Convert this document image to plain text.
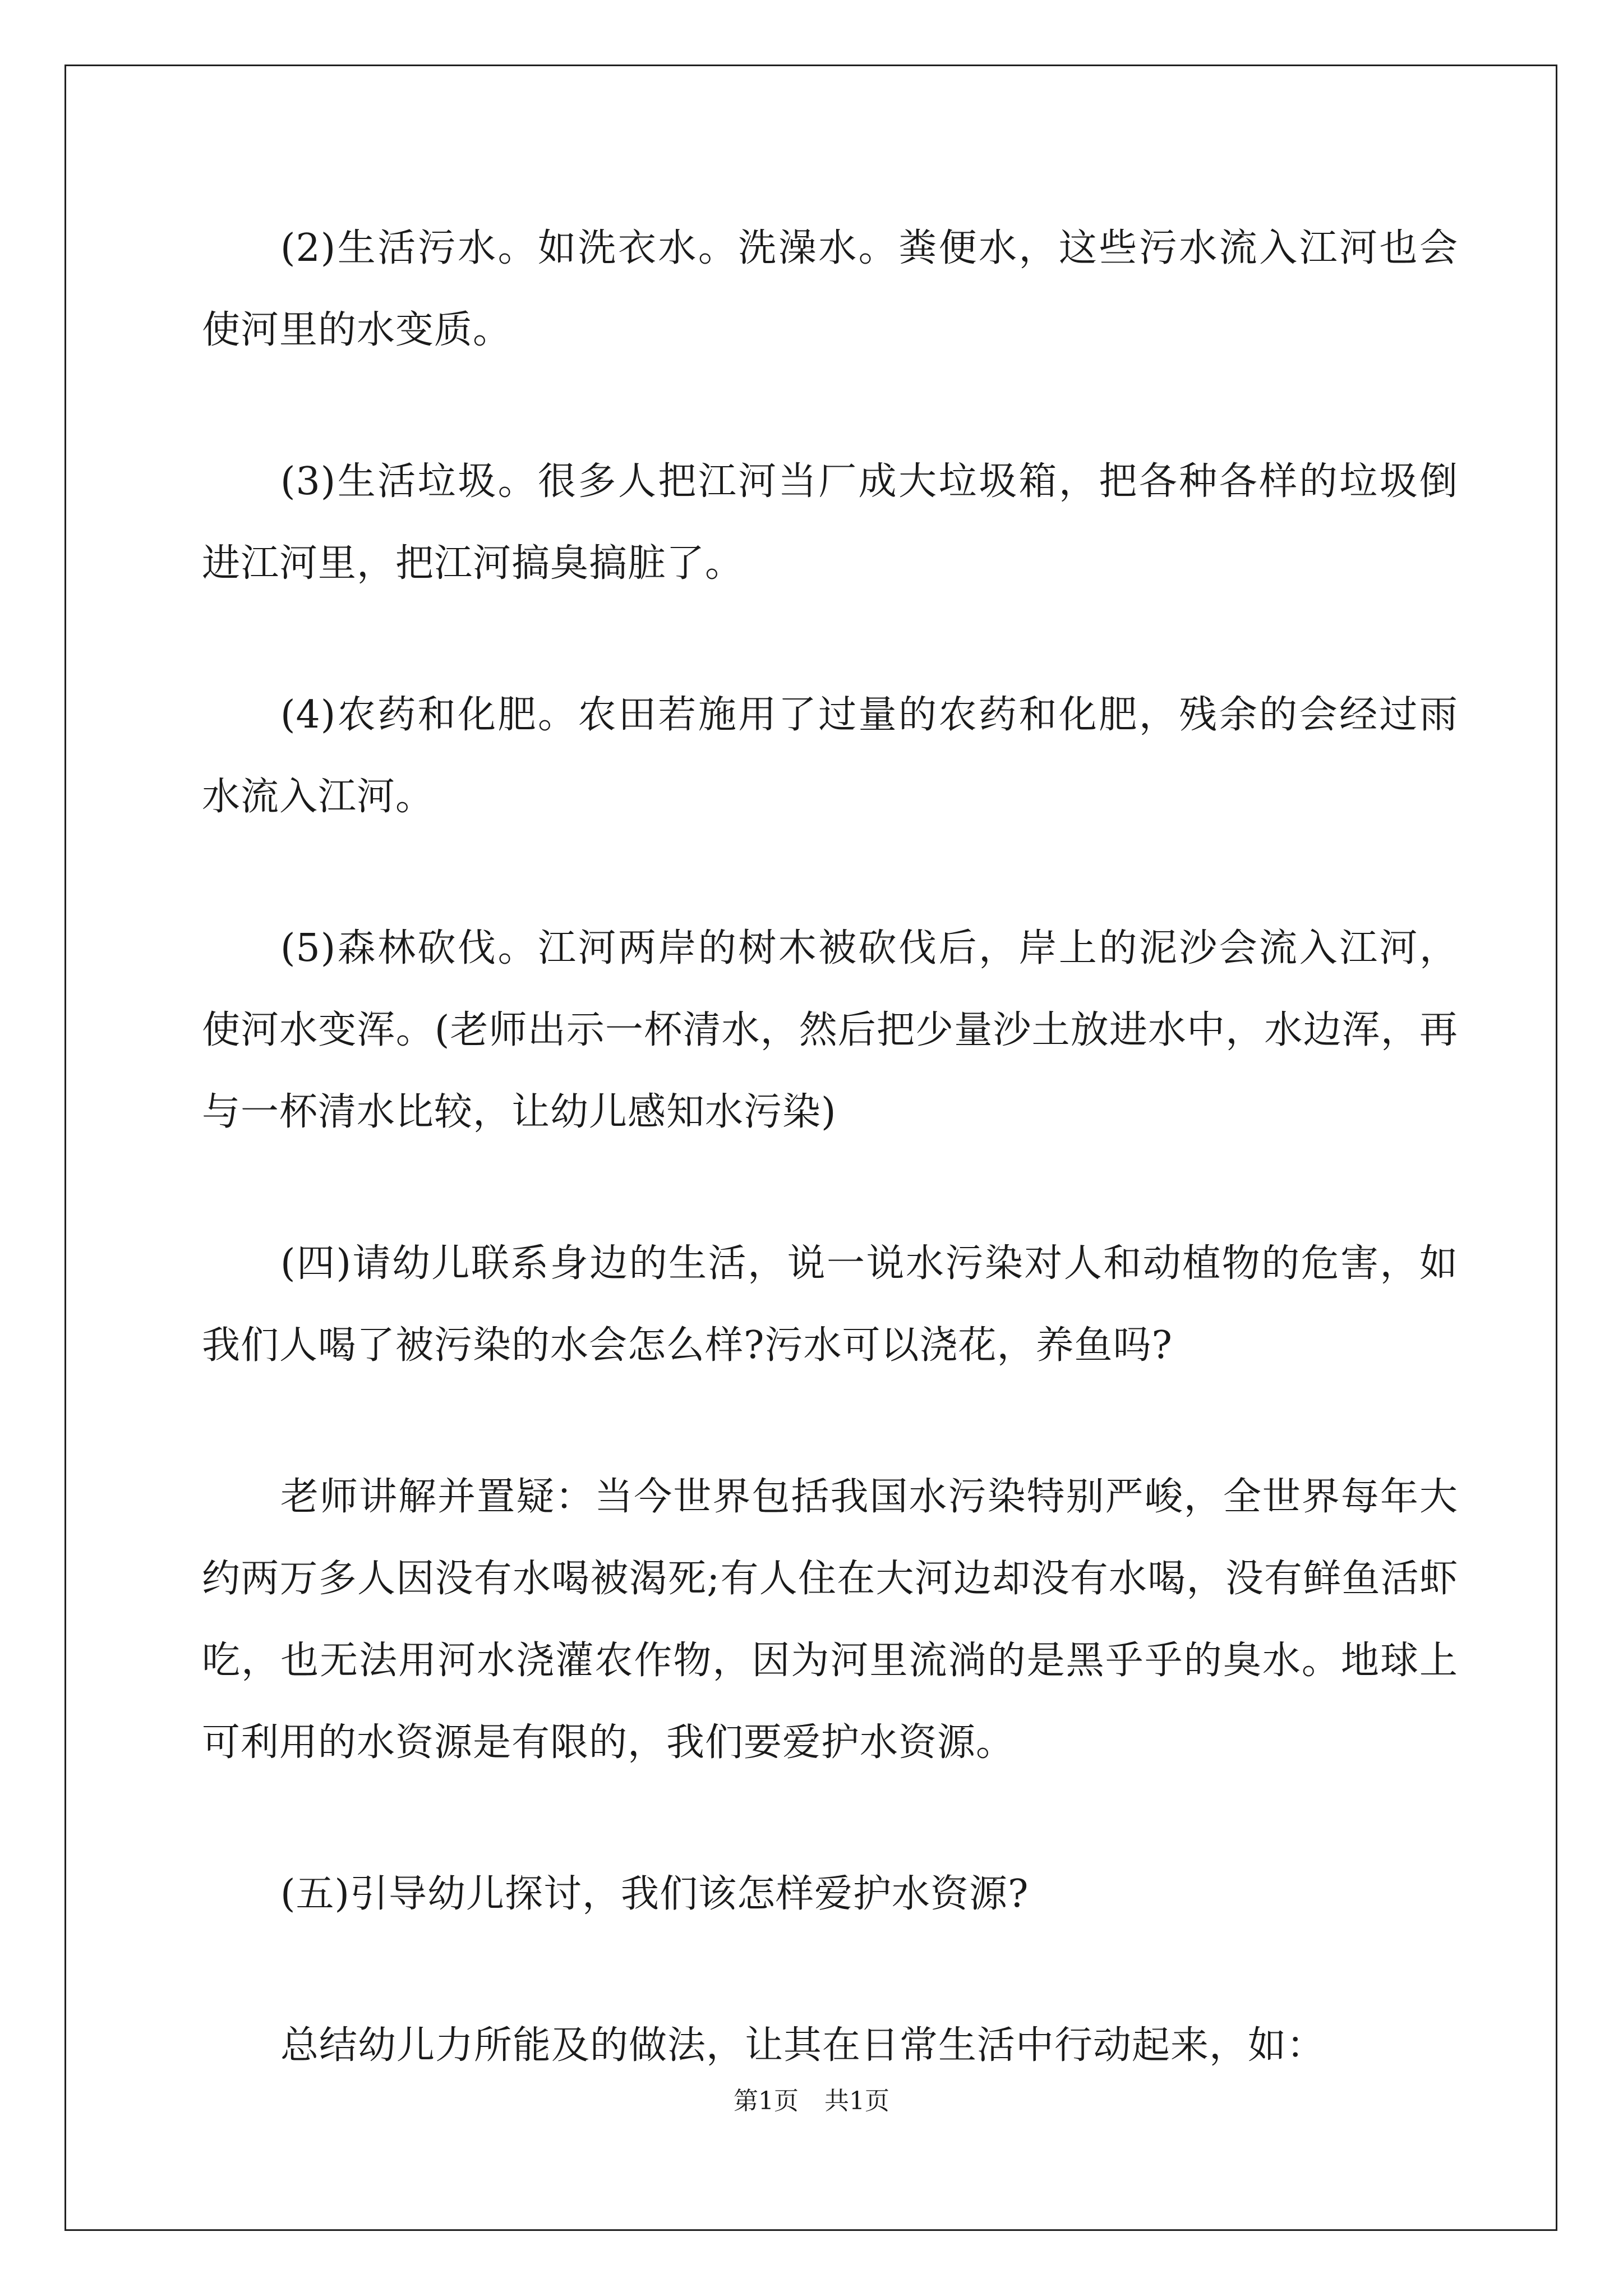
(2)生活污水。如洗衣水。洗澡水。粪便水，这些污水流入江河也会使河里的水变质。

(3)生活垃圾。很多人把江河当厂成大垃圾箱，把各种各样的垃圾倒进江河里，把江河搞臭搞脏了。

(4)农药和化肥。农田若施用了过量的农药和化肥，残余的会经过雨水流入江河。

(5)森林砍伐。江河两岸的树木被砍伐后，岸上的泥沙会流入江河，使河水变浑。(老师出示一杯清水，然后把少量沙土放进水中，水边浑，再与一杯清水比较，让幼儿感知水污染)

(四)请幼儿联系身边的生活，说一说水污染对人和动植物的危害，如我们人喝了被污染的水会怎么样?污水可以浇花，养鱼吗?

老师讲解并置疑：当今世界包括我国水污染特别严峻，全世界每年大约两万多人因没有水喝被渴死;有人住在大河边却没有水喝，没有鲜鱼活虾吃，也无法用河水浇灌农作物，因为河里流淌的是黑乎乎的臭水。地球上可利用的水资源是有限的，我们要爱护水资源。

(五)引导幼儿探讨，我们该怎样爱护水资源?

总结幼儿力所能及的做法，让其在日常生活中行动起来，如：

第1页 共1页
